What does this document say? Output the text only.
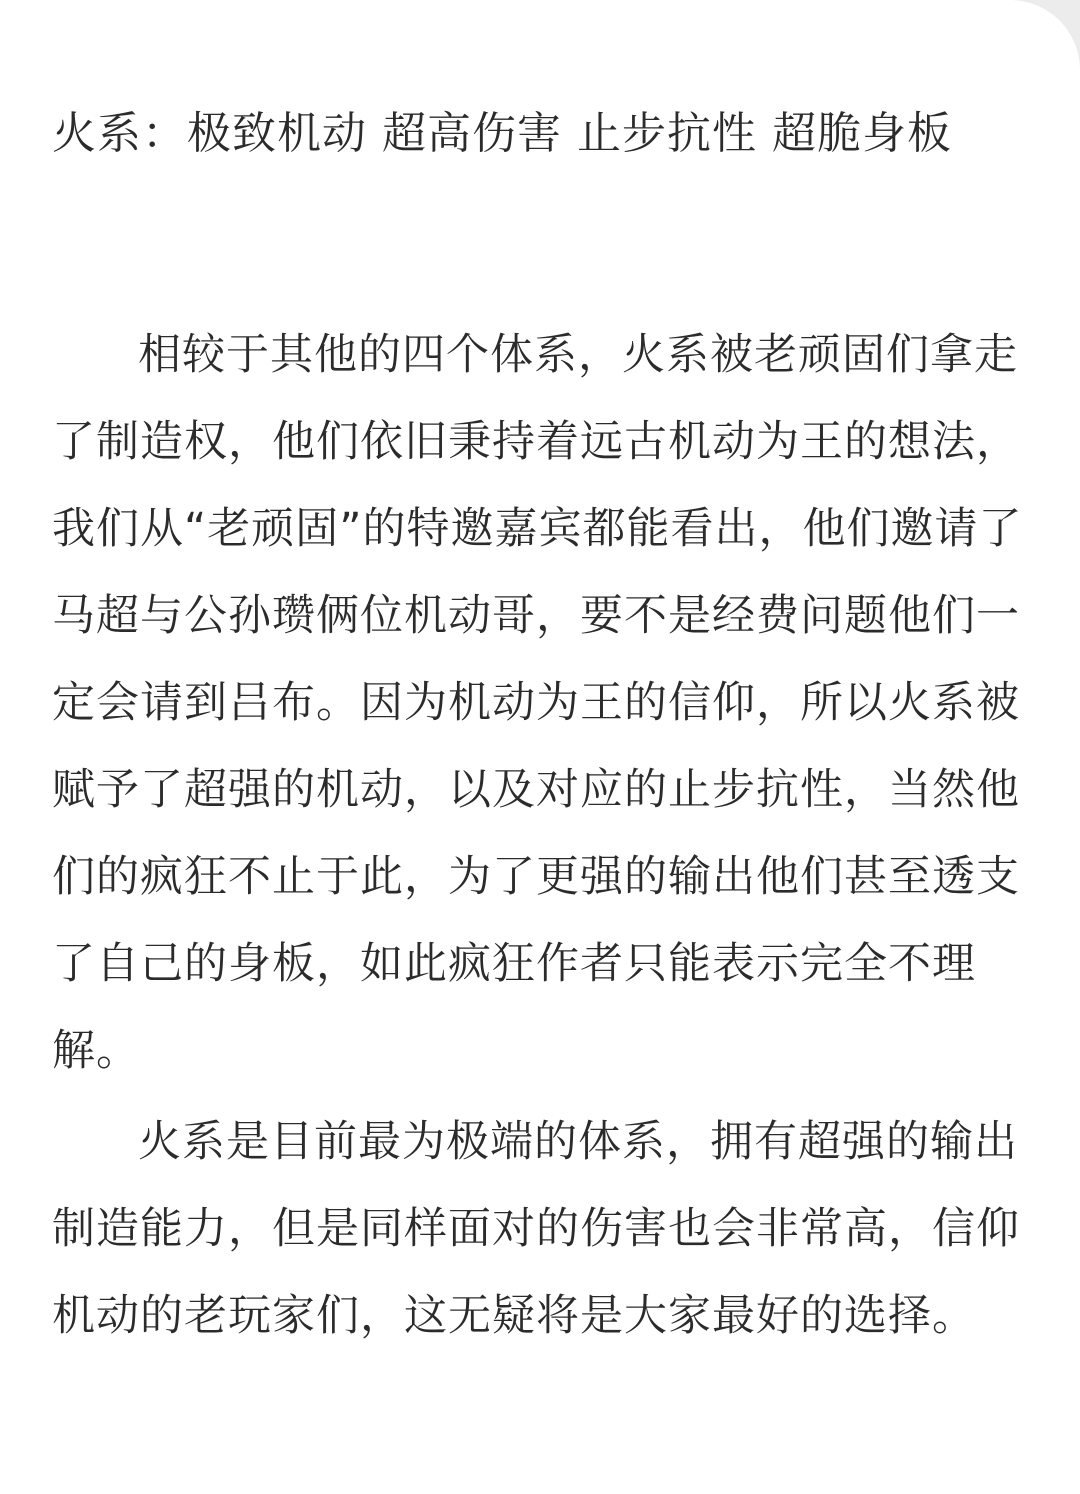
火系：极致机动 超高伤害 止步抗性 超脆身板

相较于其他的四个体系，火系被老顽固们拿走了制造权，他们依旧秉持着远古机动为王的想法，我们从“老顽固”的特邀嘉宾都能看出，他们邀请了马超与公孙瓒俩位机动哥，要不是经费问题他们一定会请到吕布。因为机动为王的信仰，所以火系被赋予了超强的机动，以及对应的止步抗性，当然他们的疯狂不止于此，为了更强的输出他们甚至透支了自己的身板，如此疯狂作者只能表示完全不理解。

火系是目前最为极端的体系，拥有超强的输出制造能力，但是同样面对的伤害也会非常高，信仰机动的老玩家们，这无疑将是大家最好的选择。
